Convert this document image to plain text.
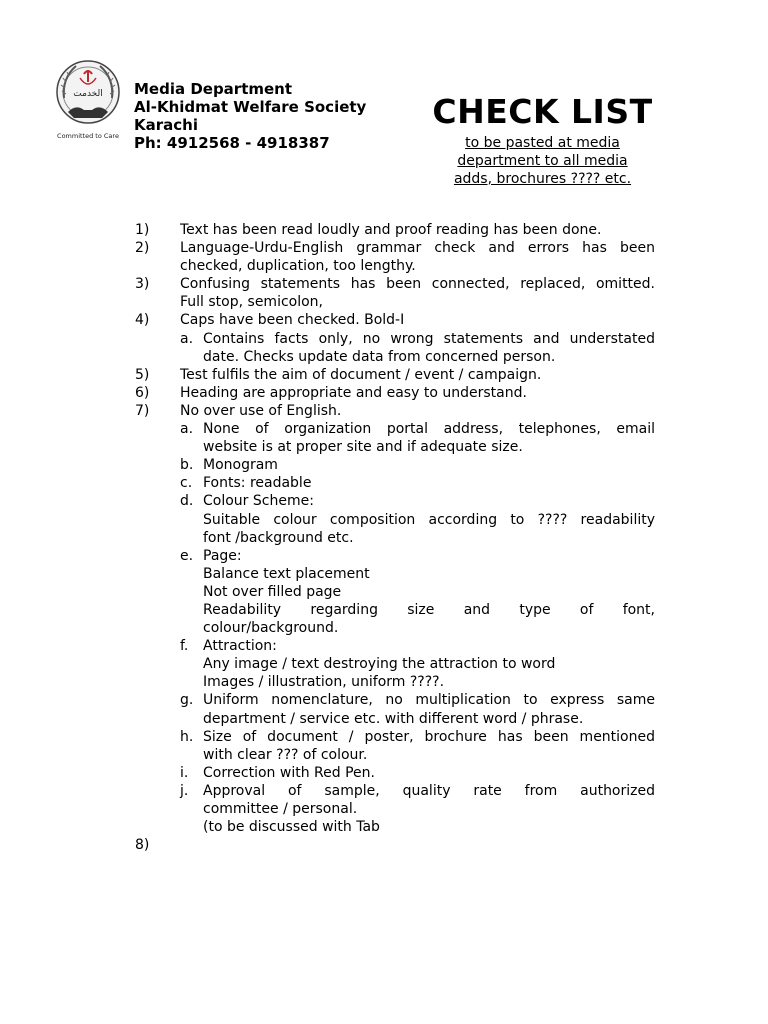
الخدمت
Committed to Care
Media Department
Al-Khidmat Welfare Society
Karachi
Ph: 4912568 - 4918387
CHECK LIST
to be pasted at media
department to all media
adds, brochures ???? etc.
1)	Text has been read loudly and proof reading has been done.
2)	Language-Urdu-English grammar check and errors has been
checked, duplication, too lengthy.
3)	Confusing statements has been connected, replaced, omitted.
Full stop, semicolon,
4)	Caps have been checked. Bold-I
a. Contains facts only, no wrong statements and understated
date. Checks update data from concerned person.
5)	Test fulfils the aim of document / event / campaign.
6)	Heading are appropriate and easy to understand.
7)	No over use of English.
a. None of organization portal address, telephones, email
website is at proper site and if adequate size.
b. Monogram
c. Fonts: readable
d. Colour Scheme:
Suitable colour composition according to ???? readability
font /background etc.
e. Page:
Balance text placement
Not over filled page
Readability regarding size and type of font,
colour/background.
f.	Attraction:
Any image / text destroying the attraction to word
Images / illustration, uniform ????.
g. Uniform nomenclature, no multiplication to express same
department / service etc. with different word / phrase.
h. Size of document / poster, brochure has been mentioned
with clear ??? of colour.
i.	Correction with Red Pen.
j.	Approval of sample, quality rate from authorized
committee / personal.
(to be discussed with Tab
8)
